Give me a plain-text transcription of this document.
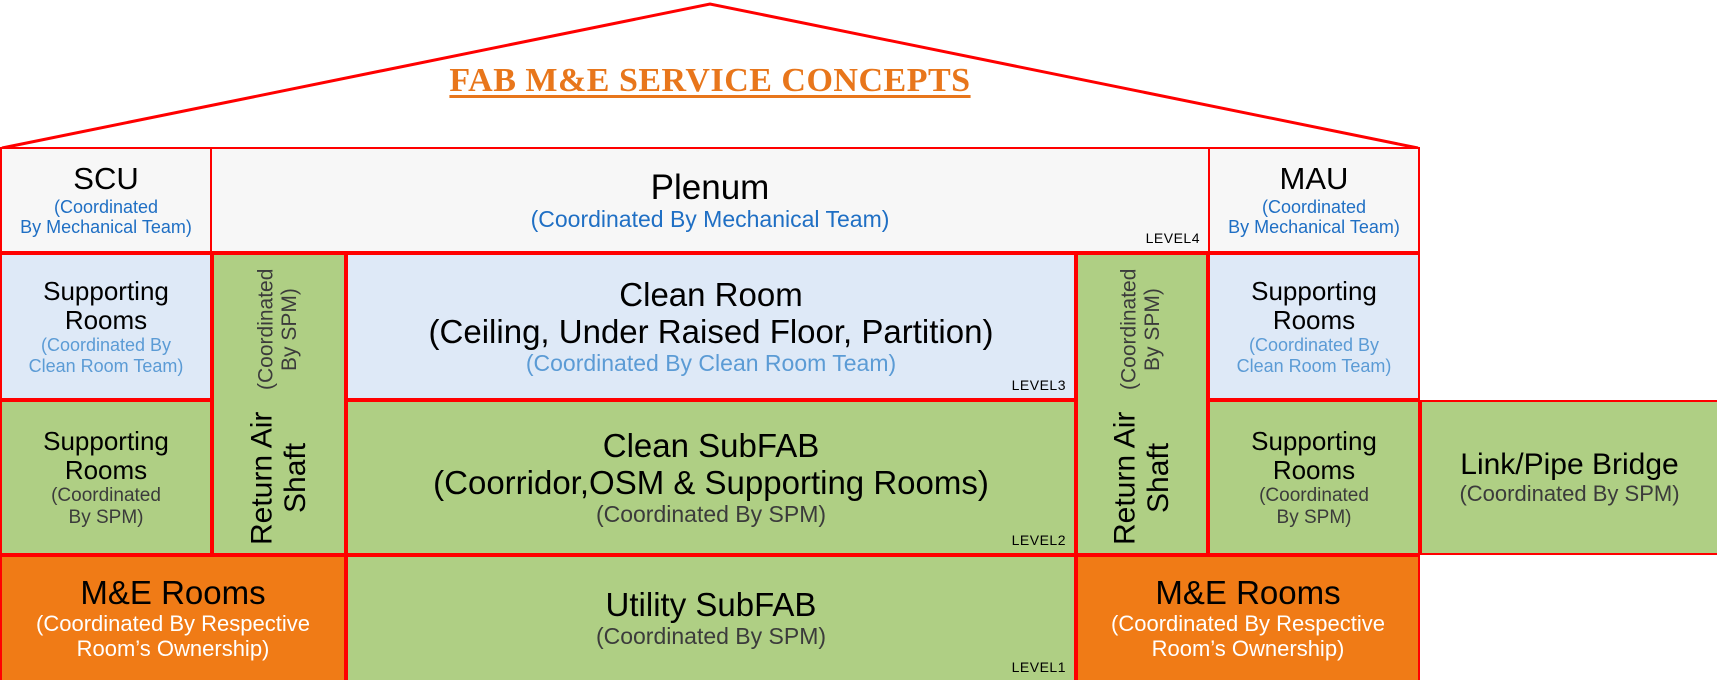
FAB M&E SERVICE CONCEPTS
SCU
(Coordinated
By Mechanical Team)
Plenum
(Coordinated By Mechanical Team)
LEVEL4
MAU
(Coordinated
By Mechanical Team)
Supporting
Rooms
(Coordinated By
Clean Room Team)
Return Air Shaft
(Coordinated By SPM)	Clean Room
(Ceiling, Under Raised Floor, Partition)
(Coordinated By Clean Room Team)
LEVEL3
Return Air Shaft
(Coordinated By SPM)	Supporting
Rooms
(Coordinated By
Clean Room Team)
Supporting
Rooms
(Coordinated
By SPM)
Clean SubFAB
(Coorridor,OSM & Supporting Rooms)
(Coordinated By SPM)
LEVEL2
Supporting
Rooms
(Coordinated
By SPM)
Link/Pipe Bridge
(Coordinated By SPM)
M&E Rooms
(Coordinated By Respective
Room’s Ownership)
Utility SubFAB
(Coordinated By SPM)
LEVEL1
M&E Rooms
(Coordinated By Respective
Room’s Ownership)
